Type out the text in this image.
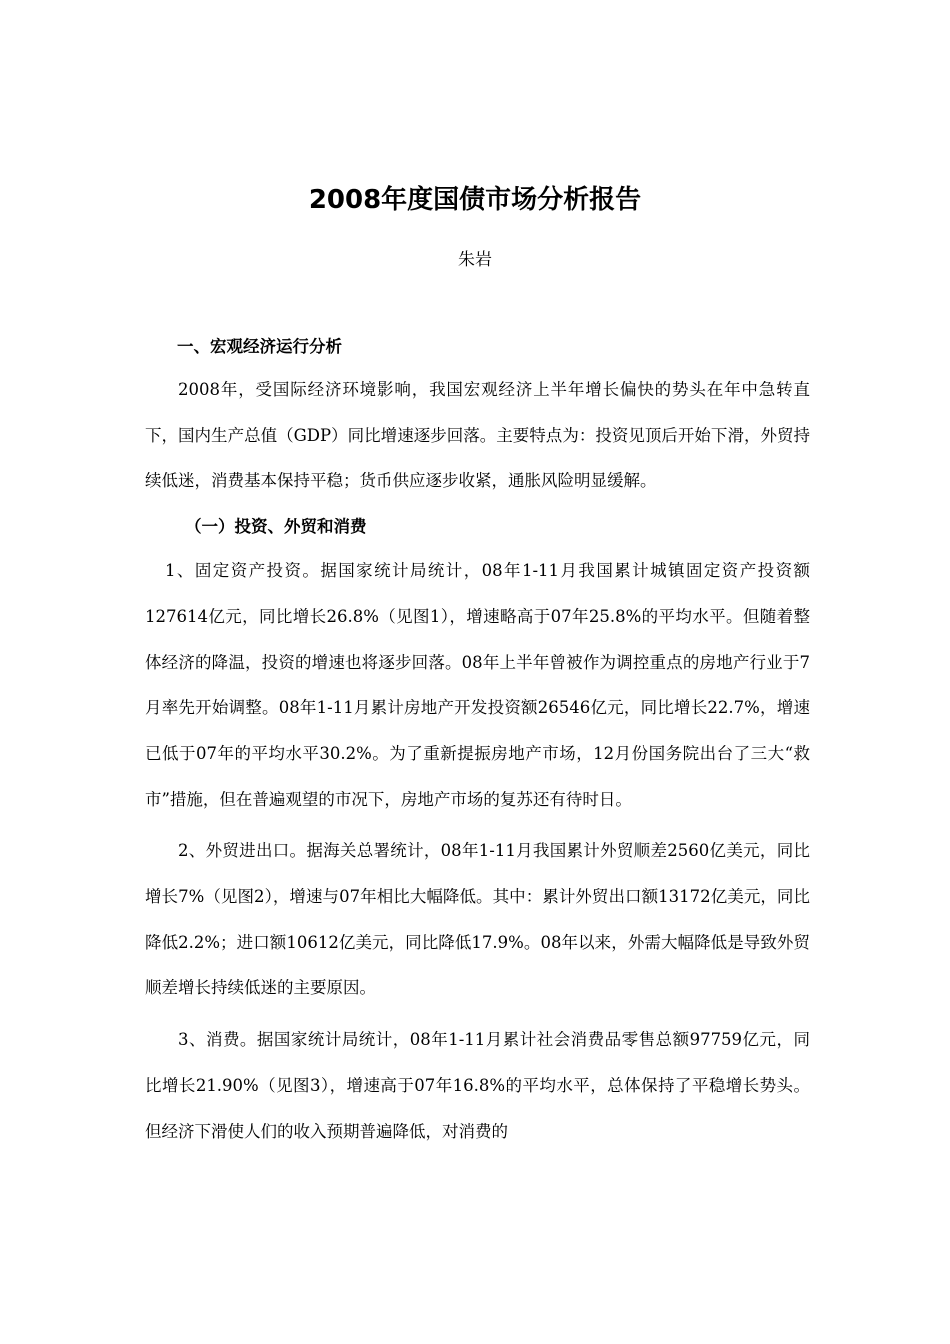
2008年度国债市场分析报告
朱岩
一、宏观经济运行分析

2008年，受国际经济环境影响，我国宏观经济上半年增长偏快的势头在年中急转直下，国内生产总值（GDP）同比增速逐步回落。主要特点为：投资见顶后开始下滑，外贸持续低迷，消费基本保持平稳；货币供应逐步收紧，通胀风险明显缓解。

（一）投资、外贸和消费

1、固定资产投资。据国家统计局统计，08年1-11月我国累计城镇固定资产投资额127614亿元，同比增长26.8%（见图1），增速略高于07年25.8%的平均水平。但随着整体经济的降温，投资的增速也将逐步回落。08年上半年曾被作为调控重点的房地产行业于7月率先开始调整。08年1-11月累计房地产开发投资额26546亿元，同比增长22.7%，增速已低于07年的平均水平30.2%。为了重新提振房地产市场，12月份国务院出台了三大“救市”措施，但在普遍观望的市况下，房地产市场的复苏还有待时日。

2、外贸进出口。据海关总署统计，08年1-11月我国累计外贸顺差2560亿美元，同比增长7%（见图2），增速与07年相比大幅降低。其中：累计外贸出口额13172亿美元，同比降低2.2%；进口额10612亿美元，同比降低17.9%。08年以来，外需大幅降低是导致外贸顺差增长持续低迷的主要原因。

3、消费。据国家统计局统计，08年1-11月累计社会消费品零售总额97759亿元，同比增长21.90%（见图3），增速高于07年16.8%的平均水平，总体保持了平稳增长势头。但经济下滑使人们的收入预期普遍降低，对消费的
